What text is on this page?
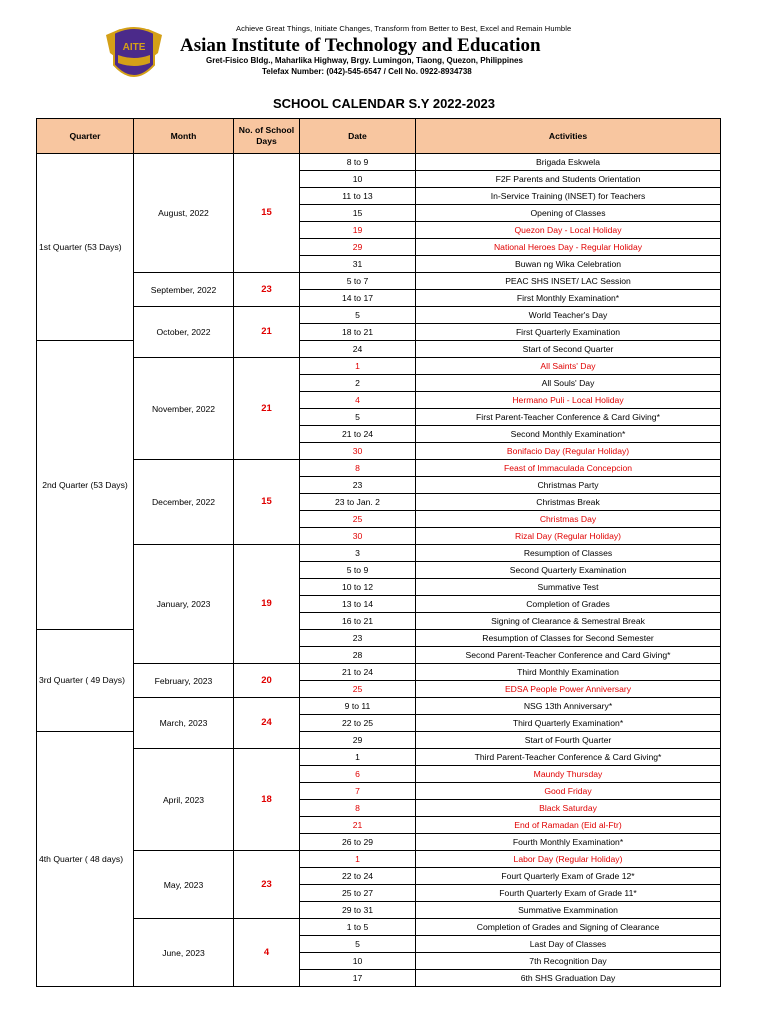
Achieve Great Things, Initiate Changes, Transform from Better to Best, Excel and Remain Humble
AITE Asian Institute of Technology and Education
Gret-Fisico Bldg., Maharlika Highway, Brgy. Lumingon, Tiaong, Quezon, Philippines
Telefax Number: (042)-545-6547 / Cell No. 0922-8934738
SCHOOL CALENDAR S.Y 2022-2023
Quarter	Month	No. of School Days	Date	Activities
1st Quarter (53 Days)	August, 2022	15	8 to 9	Brigada Eskwela
			10	F2F Parents and Students Orientation
			11 to 13	In-Service Training (INSET) for Teachers
			15	Opening of Classes
			19	Quezon Day - Local Holiday
			29	National Heroes Day - Regular Holiday
			31	Buwan ng Wika Celebration
	September, 2022	23	5 to 7	PEAC SHS INSET/ LAC Session
			14 to 17	First Monthly Examination*
	October, 2022	21	5	World Teacher's Day
			18 to 21	First Quarterly Examination
2nd Quarter (53 Days)			24	Start of Second Quarter
	November, 2022	21	1	All Saints' Day
			2	All Souls' Day
			4	Hermano Puli - Local Holiday
			5	First Parent-Teacher Conference & Card Giving*
			21 to 24	Second Monthly Examination*
			30	Bonifacio Day (Regular Holiday)
	December, 2022	15	8	Feast of Immaculada Concepcion
			23	Christmas Party
			23 to Jan. 2	Christmas Break
			25	Christmas Day
			30	Rizal Day (Regular Holiday)
	January, 2023	19	3	Resumption of Classes
			5 to 9	Second Quarterly Examination
			10 to 12	Summative Test
			13 to 14	Completion of Grades
			16 to 21	Signing of Clearance & Semestral Break
3rd Quarter ( 49 Days)			23	Resumption of Classes for Second Semester
			28	Second Parent-Teacher Conference and Card Giving*
	February, 2023	20	21 to 24	Third Monthly Examination
			25	EDSA People Power Anniversary
	March, 2023	24	9 to 11	NSG 13th Anniversary*
			22 to 25	Third Quarterly Examination*
4th Quarter ( 48 days)			29	Start of Fourth Quarter
	April, 2023	18	1	Third Parent-Teacher Conference & Card Giving*
			6	Maundy Thursday
			7	Good Friday
			8	Black Saturday
			21	End of Ramadan (Eid al-Ftr)
			26 to 29	Fourth Monthly Examination*
	May, 2023	23	1	Labor Day (Regular Holiday)
			22 to 24	Fourt Quarterly Exam of Grade 12*
			25 to 27	Fourth Quarterly Exam of Grade 11*
			29 to 31	Summative Exammination
	June, 2023	4	1 to 5	Completion of Grades and Signing of Clearance
			5	Last Day of Classes
			10	7th Recognition Day
			17	6th SHS Graduation Day
